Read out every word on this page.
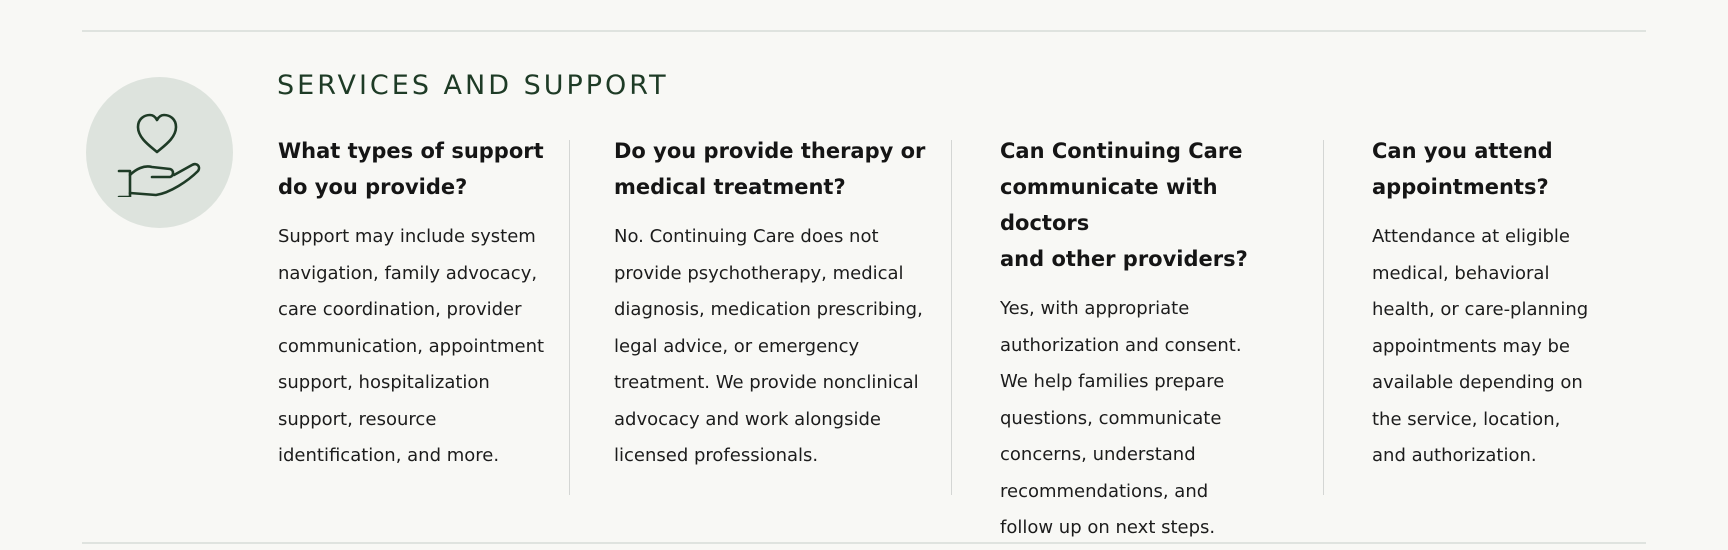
SERVICES AND SUPPORT
What types of support
do you provide?

Support may include system
navigation, family advocacy,
care coordination, provider
communication, appointment
support, hospitalization
support, resource
identification, and more.

Do you provide therapy or
medical treatment?

No. Continuing Care does not
provide psychotherapy, medical
diagnosis, medication prescribing,
legal advice, or emergency
treatment. We provide nonclinical
advocacy and work alongside
licensed professionals.

Can Continuing Care
communicate with doctors
and other providers?

Yes, with appropriate
authorization and consent.
We help families prepare
questions, communicate
concerns, understand
recommendations, and
follow up on next steps.

Can you attend
appointments?

Attendance at eligible
medical, behavioral
health, or care-planning
appointments may be
available depending on
the service, location,
and authorization.
